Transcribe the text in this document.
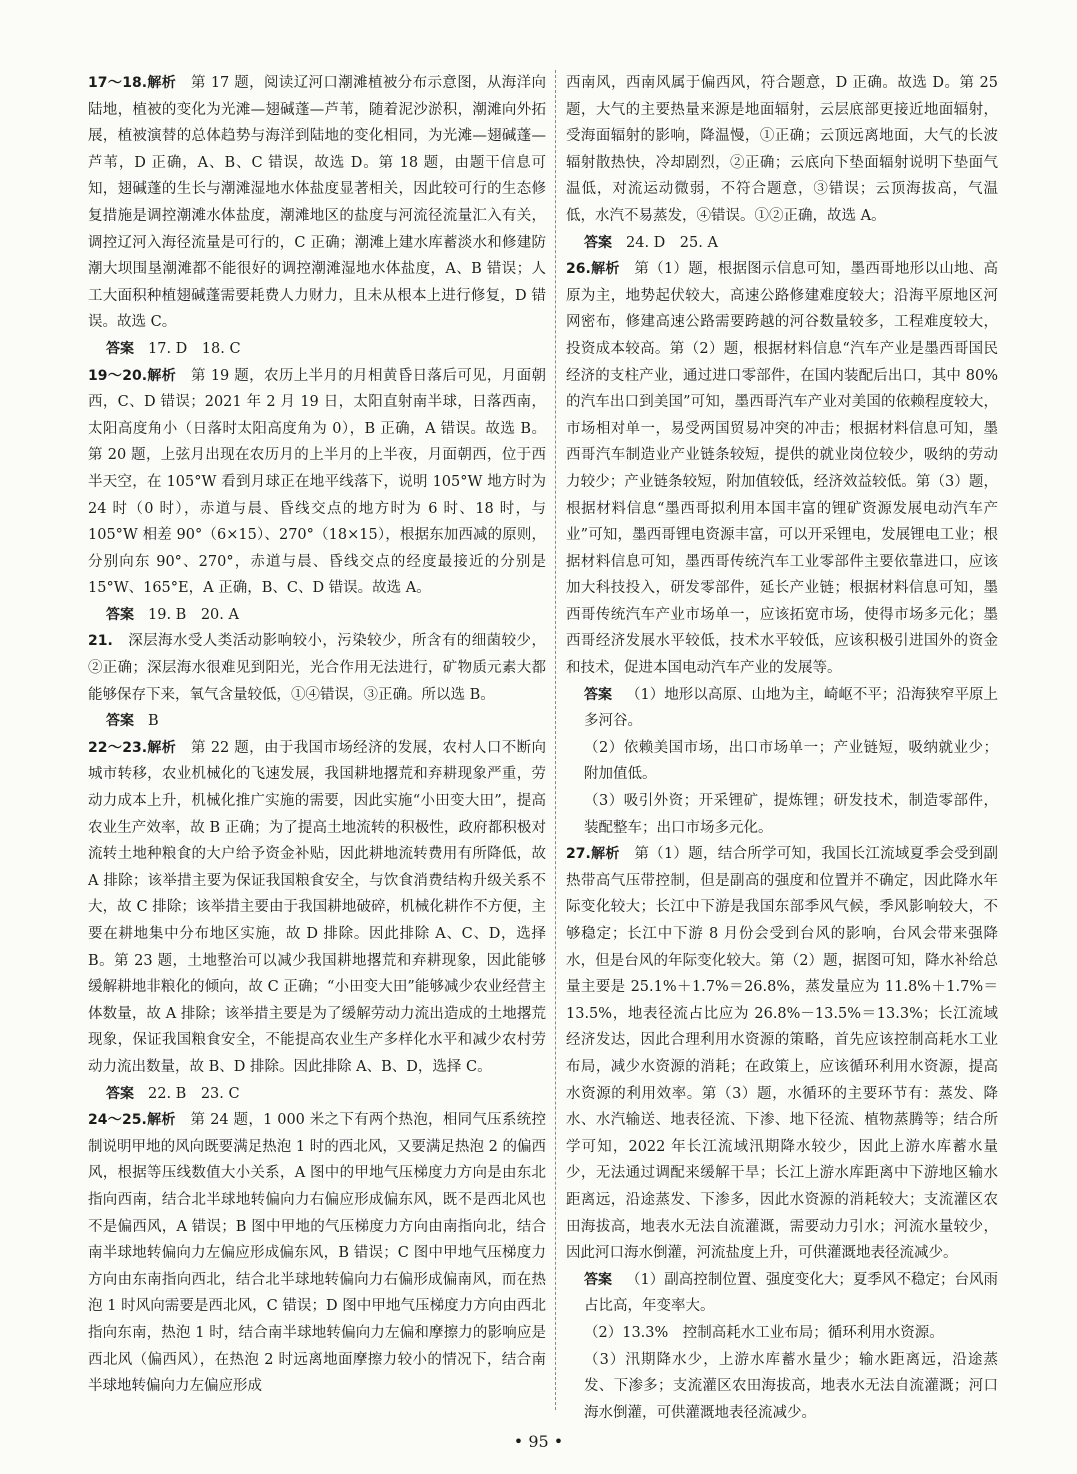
17～18.解析　 第 17 题，阅读辽河口潮滩植被分布示意图，从海洋向陆地，植被的变化为光滩—翅碱蓬—芦苇，随着泥沙淤积，潮滩向外拓展，植被演替的总体趋势与海洋到陆地的变化相同，为光滩—翅碱蓬—芦苇，D 正确，A、B、C 错误，故选 D。第 18 题，由题干信息可知，翅碱蓬的生长与潮滩湿地水体盐度显著相关，因此较可行的生态修复措施是调控潮滩水体盐度，潮滩地区的盐度与河流径流量汇入有关，调控辽河入海径流量是可行的，C 正确；潮滩上建水库蓄淡水和修建防潮大坝围垦潮滩都不能很好的调控潮滩湿地水体盐度，A、B 错误；人工大面积种植翅碱蓬需要耗费人力财力，且未从根本上进行修复，D 错误。故选 C。

答案 17. D　18. C

19～20.解析　 第 19 题，农历上半月的月相黄昏日落后可见，月面朝西，C、D 错误；2021 年 2 月 19 日，太阳直射南半球，日落西南，太阳高度角小（日落时太阳高度角为 0），B 正确，A 错误。故选 B。第 20 题，上弦月出现在农历月的上半月的上半夜，月面朝西，位于西半天空，在 105°W 看到月球正在地平线落下，说明 105°W 地方时为 24 时（0 时），赤道与晨、昏线交点的地方时为 6 时、18 时，与 105°W 相差 90°（6×15）、270°（18×15），根据东加西减的原则，分别向东 90°、270°，赤道与晨、昏线交点的经度最接近的分别是 15°W、165°E，A 正确，B、C、D 错误。故选 A。

答案 19. B　20. A

21.　 深层海水受人类活动影响较小，污染较少，所含有的细菌较少，②正确；深层海水很难见到阳光，光合作用无法进行，矿物质元素大都能够保存下来，氧气含量较低，①④错误，③正确。所以选 B。

答案 B

22～23.解析　 第 22 题，由于我国市场经济的发展，农村人口不断向城市转移，农业机械化的飞速发展，我国耕地撂荒和弃耕现象严重，劳动力成本上升，机械化推广实施的需要，因此实施“小田变大田”，提高农业生产效率，故 B 正确；为了提高土地流转的积极性，政府都积极对流转土地种粮食的大户给予资金补贴，因此耕地流转费用有所降低，故 A 排除；该举措主要为保证我国粮食安全，与饮食消费结构升级关系不大，故 C 排除；该举措主要由于我国耕地破碎，机械化耕作不方便，主要在耕地集中分布地区实施，故 D 排除。因此排除 A、C、D，选择 B。第 23 题，土地整治可以减少我国耕地撂荒和弃耕现象，因此能够缓解耕地非粮化的倾向，故 C 正确；“小田变大田”能够减少农业经营主体数量，故 A 排除；该举措主要是为了缓解劳动力流出造成的土地撂荒现象，保证我国粮食安全，不能提高农业生产多样化水平和减少农村劳动力流出数量，故 B、D 排除。因此排除 A、B、D，选择 C。

答案 22. B　23. C

24～25.解析　 第 24 题，1 000 米之下有两个热泡，相同气压系统控制说明甲地的风向既要满足热泡 1 时的西北风，又要满足热泡 2 的偏西风，根据等压线数值大小关系，A 图中的甲地气压梯度力方向是由东北指向西南，结合北半球地转偏向力右偏应形成偏东风，既不是西北风也不是偏西风，A 错误；B 图中甲地的气压梯度力方向由南指向北，结合南半球地转偏向力左偏应形成偏东风，B 错误；C 图中甲地气压梯度力方向由东南指向西北，结合北半球地转偏向力右偏形成偏南风，而在热泡 1 时风向需要是西北风，C 错误；D 图中甲地气压梯度力方向由西北指向东南，热泡 1 时，结合南半球地转偏向力左偏和摩擦力的影响应是西北风（偏西风），在热泡 2 时远离地面摩擦力较小的情况下，结合南半球地转偏向力左偏应形成

西南风，西南风属于偏西风，符合题意，D 正确。故选 D。第 25 题，大气的主要热量来源是地面辐射，云层底部更接近地面辐射，受海面辐射的影响，降温慢，①正确；云顶远离地面，大气的长波辐射散热快，冷却剧烈，②正确；云底向下垫面辐射说明下垫面气温低，对流运动微弱，不符合题意，③错误；云顶海拔高，气温低，水汽不易蒸发，④错误。①②正确，故选 A。

答案 24. D　25. A

26.解析　 第（1）题，根据图示信息可知，墨西哥地形以山地、高原为主，地势起伏较大，高速公路修建难度较大；沿海平原地区河网密布，修建高速公路需要跨越的河谷数量较多，工程难度较大，投资成本较高。第（2）题，根据材料信息“汽车产业是墨西哥国民经济的支柱产业，通过进口零部件，在国内装配后出口，其中 80% 的汽车出口到美国”可知，墨西哥汽车产业对美国的依赖程度较大，市场相对单一，易受两国贸易冲突的冲击；根据材料信息可知，墨西哥汽车制造业产业链条较短，提供的就业岗位较少，吸纳的劳动力较少；产业链条较短，附加值较低，经济效益较低。第（3）题，根据材料信息“墨西哥拟利用本国丰富的锂矿资源发展电动汽车产业”可知，墨西哥锂电资源丰富，可以开采锂电，发展锂电工业；根据材料信息可知，墨西哥传统汽车工业零部件主要依靠进口，应该加大科技投入，研发零部件，延长产业链；根据材料信息可知，墨西哥传统汽车产业市场单一，应该拓宽市场，使得市场多元化；墨西哥经济发展水平较低，技术水平较低，应该积极引进国外的资金和技术，促进本国电动汽车产业的发展等。

答案 （1）地形以高原、山地为主，崎岖不平；沿海狭窄平原上多河谷。

（2）依赖美国市场，出口市场单一；产业链短，吸纳就业少；附加值低。

（3）吸引外资；开采锂矿，提炼锂；研发技术，制造零部件，装配整车；出口市场多元化。

27.解析　 第（1）题，结合所学可知，我国长江流域夏季会受到副热带高气压带控制，但是副高的强度和位置并不确定，因此降水年际变化较大；长江中下游是我国东部季风气候，季风影响较大，不够稳定；长江中下游 8 月份会受到台风的影响，台风会带来强降水，但是台风的年际变化较大。第（2）题，据图可知，降水补给总量主要是 25.1%＋1.7%＝26.8%，蒸发量应为 11.8%＋1.7%＝13.5%，地表径流占比应为 26.8%－13.5%＝13.3%；长江流域经济发达，因此合理利用水资源的策略，首先应该控制高耗水工业布局，减少水资源的消耗；在政策上，应该循环利用水资源，提高水资源的利用效率。第（3）题，水循环的主要环节有：蒸发、降水、水汽输送、地表径流、下渗、地下径流、植物蒸腾等；结合所学可知，2022 年长江流域汛期降水较少，因此上游水库蓄水量少，无法通过调配来缓解干旱；长江上游水库距离中下游地区输水距离远，沿途蒸发、下渗多，因此水资源的消耗较大；支流灌区农田海拔高，地表水无法自流灌溉，需要动力引水；河流水量较少，因此河口海水倒灌，河流盐度上升，可供灌溉地表径流减少。

答案 （1）副高控制位置、强度变化大；夏季风不稳定；台风雨占比高，年变率大。

（2）13.3%　控制高耗水工业布局；循环利用水资源。

（3）汛期降水少，上游水库蓄水量少；输水距离远，沿途蒸发、下渗多；支流灌区农田海拔高，地表水无法自流灌溉；河口海水倒灌，可供灌溉地表径流减少。

• 95 •
